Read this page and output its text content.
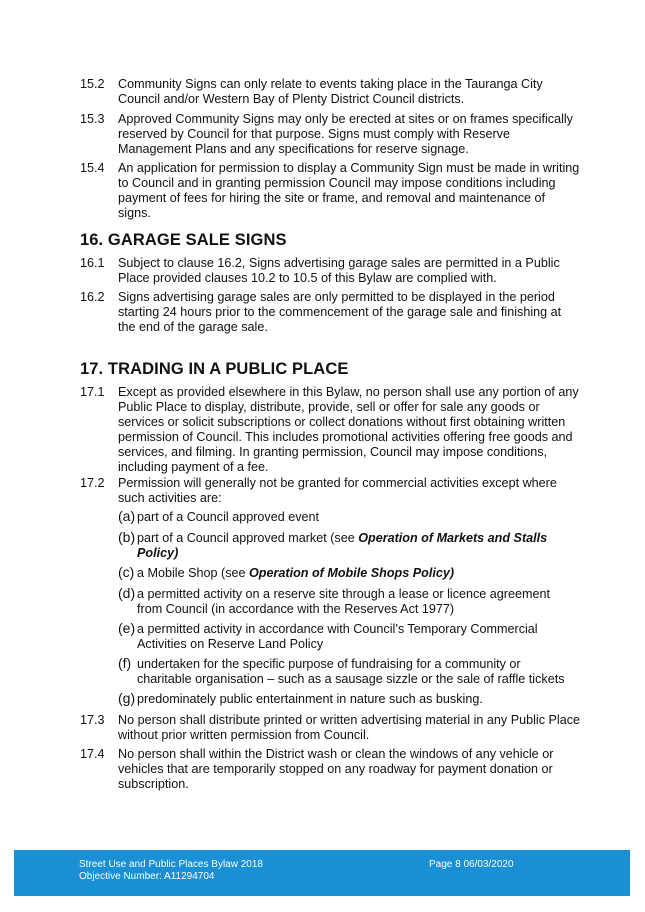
15.2	Community Signs can only relate to events taking place in the Tauranga City Council and/or Western Bay of Plenty District Council districts.
15.3	Approved Community Signs may only be erected at sites or on frames specifically reserved by Council for that purpose. Signs must comply with Reserve Management Plans and any specifications for reserve signage.
15.4	An application for permission to display a Community Sign must be made in writing to Council and in granting permission Council may impose conditions including payment of fees for hiring the site or frame, and removal and maintenance of signs.
16. GARAGE SALE SIGNS
16.1	Subject to clause 16.2, Signs advertising garage sales are permitted in a Public Place provided clauses 10.2 to 10.5 of this Bylaw are complied with.
16.2	Signs advertising garage sales are only permitted to be displayed in the period starting 24 hours prior to the commencement of the garage sale and finishing at the end of the garage sale.
17. TRADING IN A PUBLIC PLACE
17.1	Except as provided elsewhere in this Bylaw, no person shall use any portion of any Public Place to display, distribute, provide, sell or offer for sale any goods or services or solicit subscriptions or collect donations without first obtaining written permission of Council. This includes promotional activities offering free goods and services, and filming. In granting permission, Council may impose conditions, including payment of a fee.
17.2	Permission will generally not be granted for commercial activities except where such activities are:
(a) part of a Council approved event
(b) part of a Council approved market (see Operation of Markets and Stalls Policy)
(c) a Mobile Shop (see Operation of Mobile Shops Policy)
(d) a permitted activity on a reserve site through a lease or licence agreement from Council (in accordance with the Reserves Act 1977)
(e) a permitted activity in accordance with Council’s Temporary Commercial Activities on Reserve Land Policy
(f) undertaken for the specific purpose of fundraising for a community or charitable organisation – such as a sausage sizzle or the sale of raffle tickets
(g) predominately public entertainment in nature such as busking.
17.3	No person shall distribute printed or written advertising material in any Public Place without prior written permission from Council.
17.4	No person shall within the District wash or clean the windows of any vehicle or vehicles that are temporarily stopped on any roadway for payment donation or subscription.
Street Use and Public Places Bylaw 2018
Objective Number: A11294704
Page 8 06/03/2020
